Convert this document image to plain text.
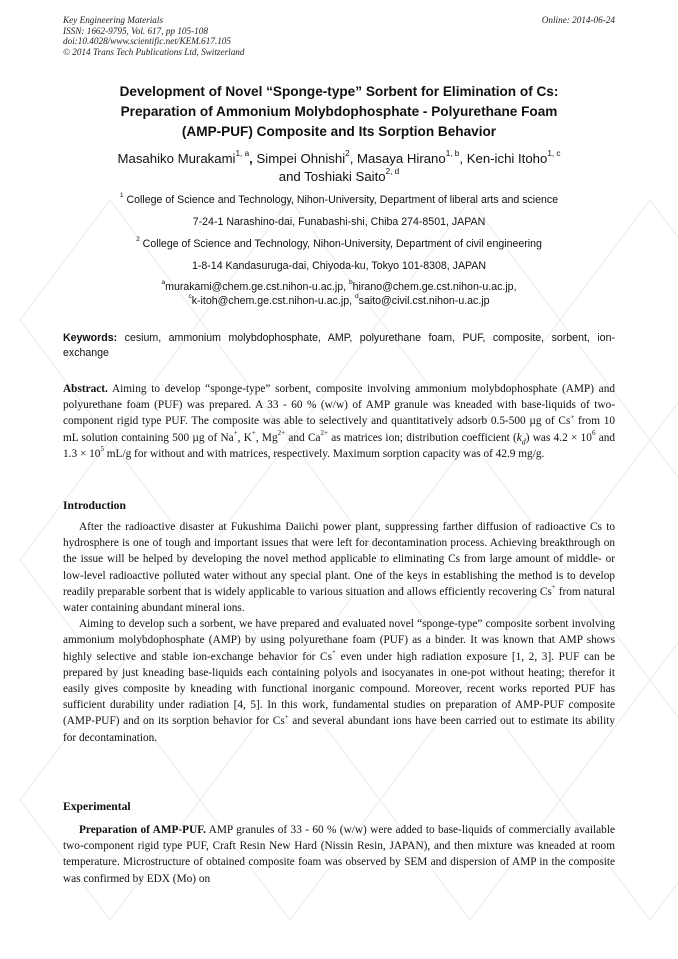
Key Engineering Materials
ISSN: 1662-9795, Vol. 617, pp 105-108
doi:10.4028/www.scientific.net/KEM.617.105
© 2014 Trans Tech Publications Ltd, Switzerland
Online: 2014-06-24
Development of Novel “Sponge-type” Sorbent for Elimination of Cs:
Preparation of Ammonium Molybdophosphate - Polyurethane Foam
(AMP-PUF) Composite and Its Sorption Behavior
Masahiko Murakami$^{1, a}$, Simpei Ohnishi$^2$, Masaya Hirano$^{1, b}$, Ken-ichi Itoho$^{1, c}$
and Toshiaki Saito$^{2, d}$
$^1$ College of Science and Technology, Nihon-University, Department of liberal arts and science
7-24-1 Narashino-dai, Funabashi-shi, Chiba 274-8501, JAPAN
$^2$ College of Science and Technology, Nihon-University, Department of civil engineering
1-8-14 Kandasuruga-dai, Chiyoda-ku, Tokyo 101-8308, JAPAN
$^a$murakami@chem.ge.cst.nihon-u.ac.jp, $^b$hirano@chem.ge.cst.nihon-u.ac.jp,
$^c$k-itoh@chem.ge.cst.nihon-u.ac.jp, $^d$saito@civil.cst.nihon-u.ac.jp
Keywords: cesium, ammonium molybdophosphate, AMP, polyurethane foam, PUF, composite, sorbent, ion-exchange

Abstract. Aiming to develop “sponge-type” sorbent, composite involving ammonium molybdophosphate (AMP) and polyurethane foam (PUF) was prepared. A 33 - 60 % (w/w) of AMP granule was kneaded with base-liquids of two-component rigid type PUF. The composite was able to selectively and quantitatively adsorb 0.5-500 µg of Cs+ from 10 mL solution containing 500 µg of Na+, K+, $Mg^{2+}$ and $Ca^{2+}$ as matrices ion; distribution coefficient $(k_d)$ was $4.2 \times 10^6$ and $1.3 \times 10^5$ mL/g for without and with matrices, respectively. Maximum sorption capacity was of 42.9 mg/g.

Introduction

After the radioactive disaster at Fukushima Daiichi power plant, suppressing farther diffusion of radioactive Cs to hydrosphere is one of tough and important issues that were left for decontamination process. Achieving breakthrough on the issue will be helped by developing the novel method applicable to eliminating Cs from large amount of middle- or low-level radioactive polluted water without any special plant. One of the keys in establishing the method is to develop readily preparable sorbent that is widely applicable to various situation and allows efficiently recovering Cs+ from natural water containing abundant mineral ions.

Aiming to develop such a sorbent, we have prepared and evaluated novel “sponge-type” composite sorbent involving ammonium molybdophosphate (AMP) by using polyurethane foam (PUF) as a binder. It was known that AMP shows highly selective and stable ion-exchange behavior for Cs+ even under high radiation exposure [1, 2, 3]. PUF can be prepared by just kneading base-liquids each containing polyols and isocyanates in one-pot without heating; therefor it easily gives composite by kneading with functional inorganic compound. Moreover, recent works reported PUF has sufficient durability under radiation [4, 5]. In this work, fundamental studies on preparation of AMP-PUF composite (AMP-PUF) and on its sorption behavior for Cs+ and several abundant ions have been carried out to estimate its ability for decontamination.

Experimental

Preparation of AMP-PUF. AMP granules of 33 - 60 % (w/w) were added to base-liquids of commercially available two-component rigid type PUF, Craft Resin New Hard (Nissin Resin, JAPAN), and then mixture was kneaded at room temperature. Microstructure of obtained composite foam was observed by SEM and dispersion of AMP in the composite was confirmed by EDX (Mo) on
